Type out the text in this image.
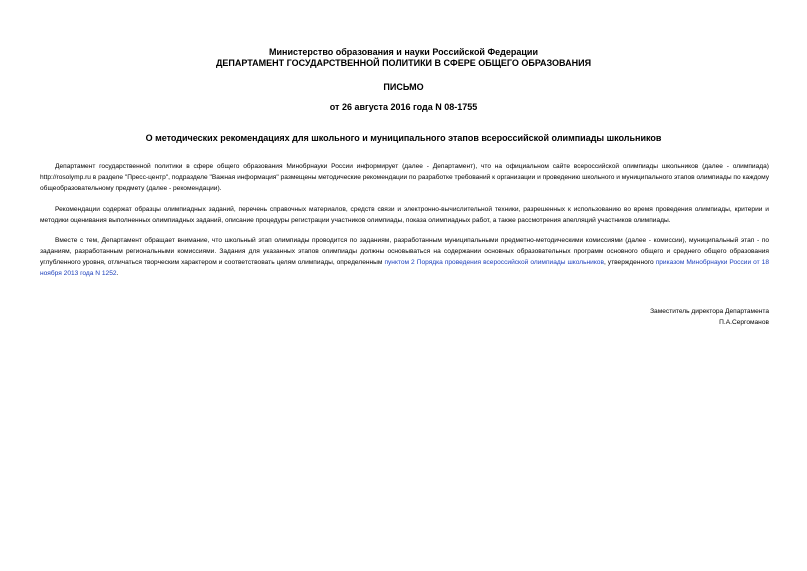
Министерство образования и науки Российской Федерации
ДЕПАРТАМЕНТ ГОСУДАРСТВЕННОЙ ПОЛИТИКИ В СФЕРЕ ОБЩЕГО ОБРАЗОВАНИЯ
ПИСЬМО
от 26 августа 2016 года N 08-1755
О методических рекомендациях для школьного и муниципального этапов всероссийской олимпиады школьников

Департамент государственной политики в сфере общего образования Минобрнауки России информирует (далее - Департамент), что на официальном сайте всероссийской олимпиады школьников (далее - олимпиада) http://rosolymp.ru в разделе "Пресс-центр", подразделе "Важная информация" размещены методические рекомендации по разработке требований к организации и проведению школьного и муниципального этапов олимпиады по каждому общеобразовательному предмету (далее - рекомендации).

Рекомендации содержат образцы олимпиадных заданий, перечень справочных материалов, средств связи и электронно-вычислительной техники, разрешенных к использованию во время проведения олимпиады, критерии и методики оценивания выполненных олимпиадных заданий, описание процедуры регистрации участников олимпиады, показа олимпиадных работ, а также рассмотрения апелляций участников олимпиады.

Вместе с тем, Департамент обращает внимание, что школьный этап олимпиады проводится по заданиям, разработанным муниципальными предметно-методическими комиссиями (далее - комиссии), муниципальный этап - по заданиям, разработанным региональными комиссиями. Задания для указанных этапов олимпиады должны основываться на содержании основных образовательных программ основного общего и среднего общего образования углубленного уровня, отличаться творческим характером и соответствовать целям олимпиады, определенным пунктом 2 Порядка проведения всероссийской олимпиады школьников, утвержденного приказом Минобрнауки России от 18 ноября 2013 года N 1252.

Заместитель директора Департамента
П.А.Сергоманов
